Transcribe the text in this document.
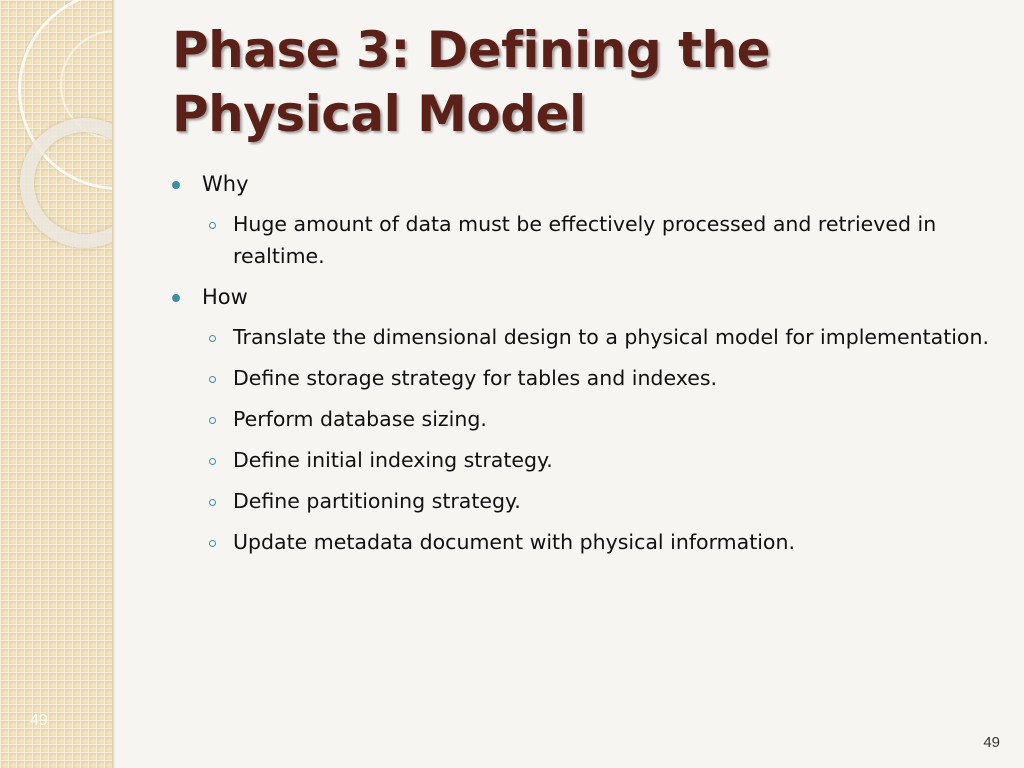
49
Phase 3: Defining the Physical Model
Why
Huge amount of data must be effectively processed and retrieved in realtime.
How
Translate the dimensional design to a physical model for implementation.
Define storage strategy for tables and indexes.
Perform database sizing.
Define initial indexing strategy.
Define partitioning strategy.
Update metadata document with physical information.
49
